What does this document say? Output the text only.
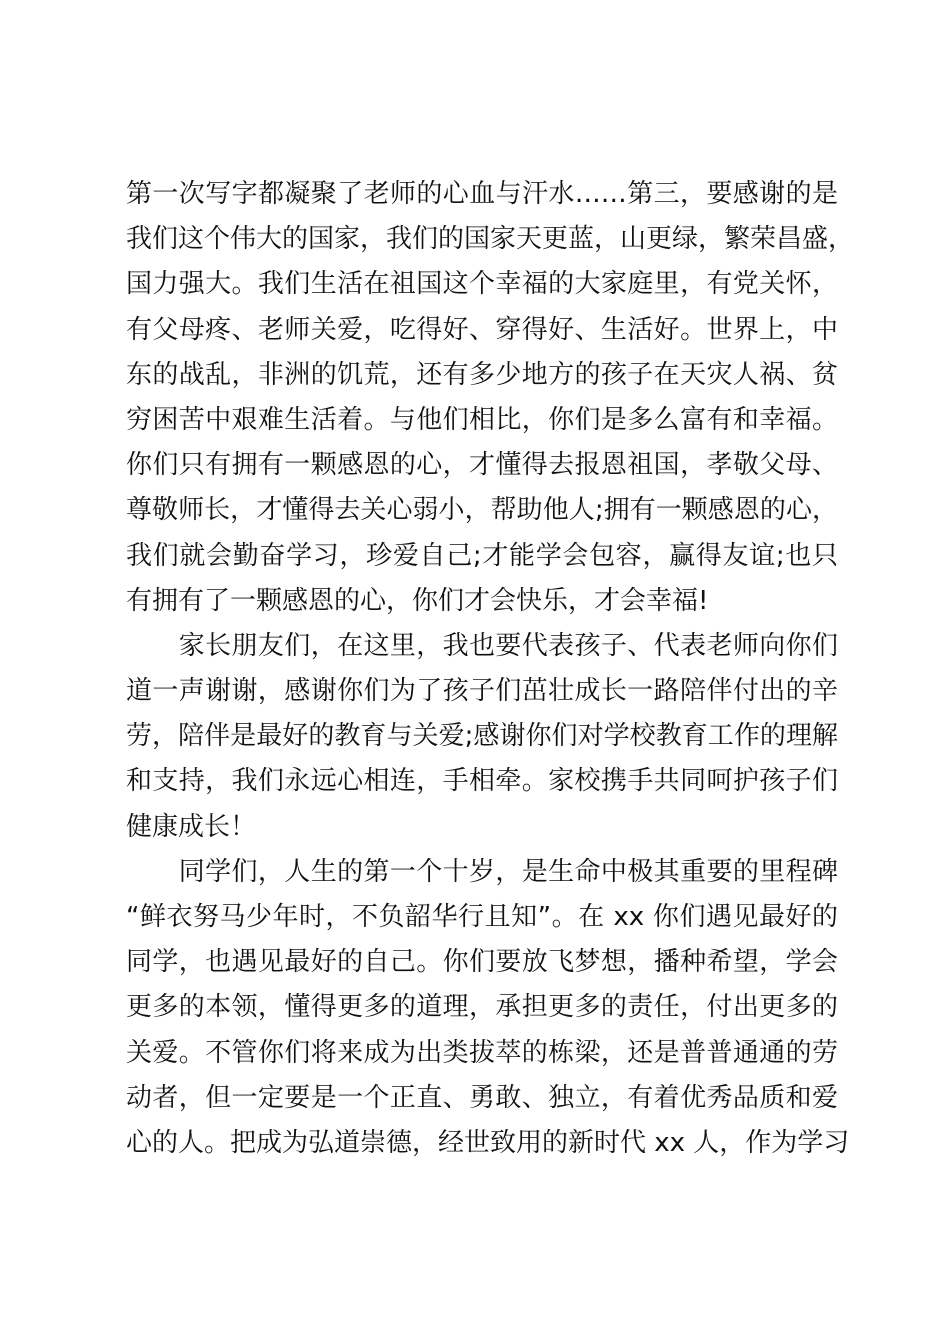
第一次写字都凝聚了老师的心血与汗水……第三，要感谢的是
我们这个伟大的国家，我们的国家天更蓝，山更绿，繁荣昌盛，
国力强大。我们生活在祖国这个幸福的大家庭里，有党关怀，
有父母疼、老师关爱，吃得好、穿得好、生活好。世界上，中
东的战乱，非洲的饥荒，还有多少地方的孩子在天灾人祸、贫
穷困苦中艰难生活着。与他们相比，你们是多么富有和幸福。
你们只有拥有一颗感恩的心，才懂得去报恩祖国，孝敬父母、
尊敬师长，才懂得去关心弱小，帮助他人;拥有一颗感恩的心，
我们就会勤奋学习，珍爱自己;才能学会包容，赢得友谊;也只
有拥有了一颗感恩的心，你们才会快乐，才会幸福!
　　家长朋友们，在这里，我也要代表孩子、代表老师向你们
道一声谢谢，感谢你们为了孩子们茁壮成长一路陪伴付出的辛
劳，陪伴是最好的教育与关爱;感谢你们对学校教育工作的理解
和支持，我们永远心相连，手相牵。家校携手共同呵护孩子们
健康成长！
　　同学们，人生的第一个十岁，是生命中极其重要的里程碑
“鲜衣努马少年时，不负韶华行且知”。在 xx 你们遇见最好的
同学，也遇见最好的自己。你们要放飞梦想，播种希望，学会
更多的本领，懂得更多的道理，承担更多的责任，付出更多的
关爱。不管你们将来成为出类拔萃的栋梁，还是普普通通的劳
动者，但一定要是一个正直、勇敢、独立，有着优秀品质和爱
心的人。把成为弘道崇德，经世致用的新时代 xx 人，作为学习
